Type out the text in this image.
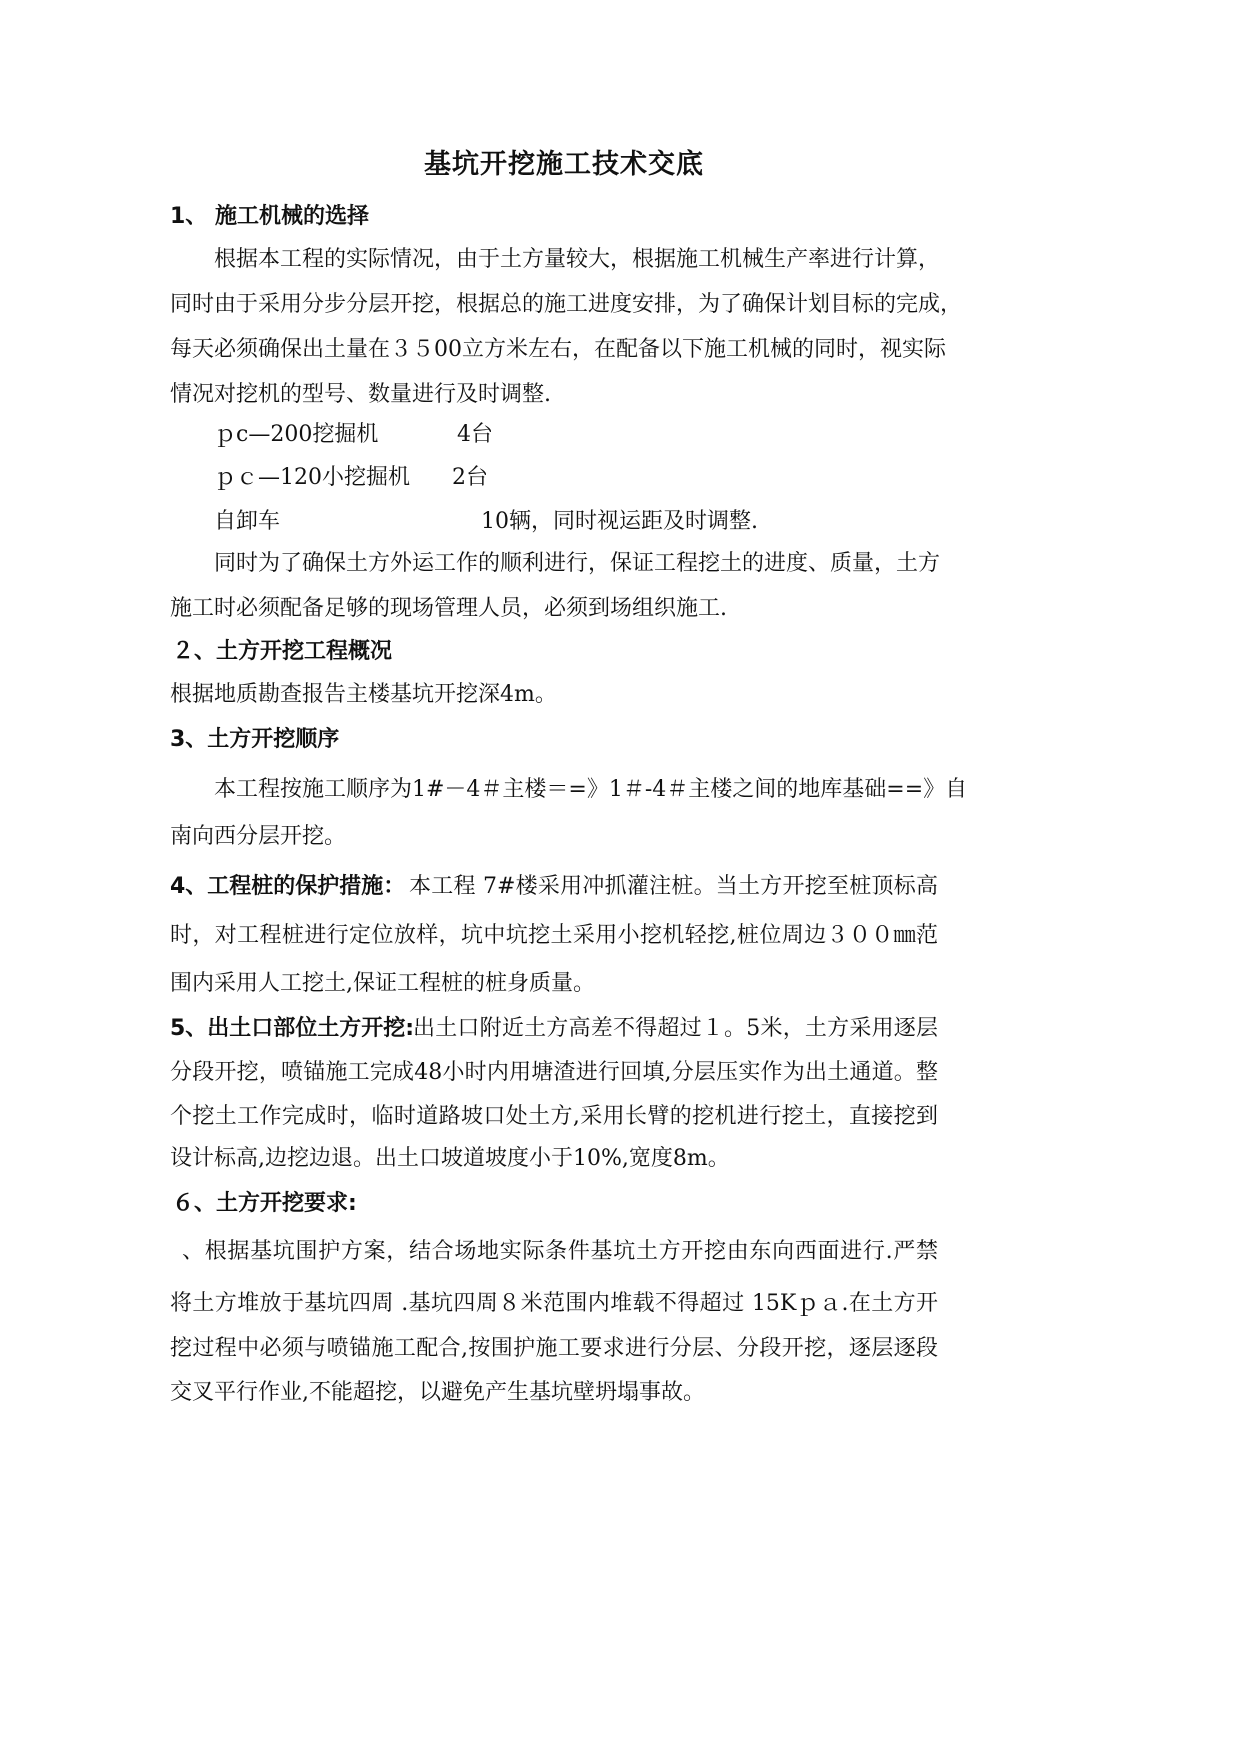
基坑开挖施工技术交底
1、 施工机械的选择
根据本工程的实际情况，由于土方量较大，根据施工机械生产率进行计算，
同时由于采用分步分层开挖，根据总的施工进度安排，为了确保计划目标的完成，
每天必须确保出土量在３５00立方米左右，在配备以下施工机械的同时，视实际
情况对挖机的型号、数量进行及时调整.
ｐc—200挖掘机	4台
ｐｃ—120小挖掘机 2台
自卸车	10辆，同时视运距及时调整.
同时为了确保土方外运工作的顺利进行，保证工程挖土的进度、质量，土方
施工时必须配备足够的现场管理人员，必须到场组织施工.
２、土方开挖工程概况
根据地质勘查报告主楼基坑开挖深4m。
3、土方开挖顺序
本工程按施工顺序为1#－4＃主楼＝=》1＃-4＃主楼之间的地库基础==》自
南向西分层开挖。
4、工程桩的保护措施： 本工程 7#楼采用冲抓灌注桩。当土方开挖至桩顶标高
时，对工程桩进行定位放样，坑中坑挖土采用小挖机轻挖,桩位周边３００㎜范
围内采用人工挖土,保证工程桩的桩身质量。
5、出土口部位土方开挖:
出土口附近土方高差不得超过１。5米，土方采用逐层
分段开挖，喷锚施工完成48小时内用塘渣进行回填,分层压实作为出土通道。整
个挖土工作完成时，临时道路坡口处土方,采用长臂的挖机进行挖土，直接挖到
设计标高,边挖边退。出土口坡道坡度小于10%,宽度8m。
６、土方开挖要求:
、根据基坑围护方案，结合场地实际条件基坑土方开挖由东向西面进行.严禁
将土方堆放于基坑四周 .基坑四周８米范围内堆载不得超过 15Kｐａ.在土方开
挖过程中必须与喷锚施工配合,按围护施工要求进行分层、分段开挖，逐层逐段
交叉平行作业,不能超挖，以避免产生基坑壁坍塌事故。
